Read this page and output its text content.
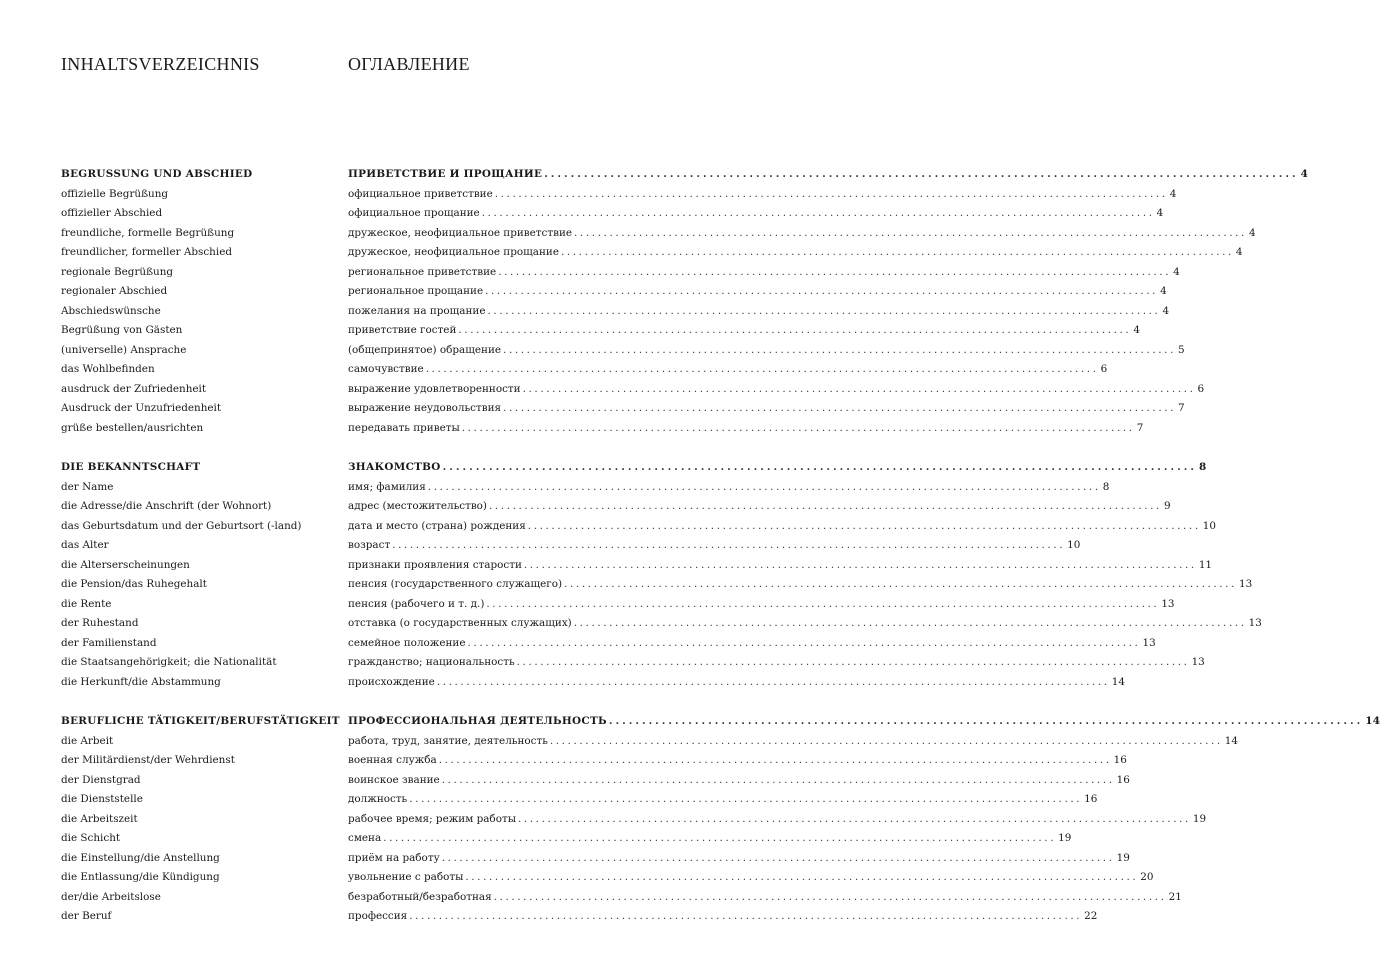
INHALTSVERZEICHNIS	ОГЛАВЛЕНИЕ
BEGRUSSUNG UND ABSCHIED	ПРИВЕТСТВИЕ И ПРОЩАНИЕ .................................................................................................................. 4
offizielle Begrüßung	официальное приветствие .................................................................................................................. 4
offizieller Abschied	официальное прощание .................................................................................................................. 4
freundliche, formelle Begrüßung	дружеское, неофициальное приветствие .................................................................................................................. 4
freundlicher, formeller Abschied	дружеское, неофициальное прощание .................................................................................................................. 4
regionale Begrüßung	региональное приветствие .................................................................................................................. 4
regionaler Abschied	региональное прощание .................................................................................................................. 4
Abschiedswünsche	пожелания на прощание .................................................................................................................. 4
Begrüßung von Gästen	приветствие гостей .................................................................................................................. 4
(universelle) Ansprache	(общепринятое) обращение .................................................................................................................. 5
das Wohlbefinden	самочувствие .................................................................................................................. 6
ausdruck der Zufriedenheit	выражение удовлетворенности .................................................................................................................. 6
Ausdruck der Unzufriedenheit	выражение неудовольствия .................................................................................................................. 7
grüße bestellen/ausrichten	передавать приветы .................................................................................................................. 7
DIE BEKANNTSCHAFT	ЗНАКОМСТВО .................................................................................................................. 8
der Name	имя; фамилия .................................................................................................................. 8
die Adresse/die Anschrift (der Wohnort)	адрес (местожительство) .................................................................................................................. 9
das Geburtsdatum und der Geburtsort (-land)	дата и место (страна) рождения .................................................................................................................. 10
das Alter	возраст .................................................................................................................. 10
die Alterserscheinungen	признаки проявления старости .................................................................................................................. 11
die Pension/das Ruhegehalt	пенсия (государственного служащего) .................................................................................................................. 13
die Rente	пенсия (рабочего и т. д.) .................................................................................................................. 13
der Ruhestand	отставка (о государственных служащих) .................................................................................................................. 13
der Familienstand	семейное положение .................................................................................................................. 13
die Staatsangehörigkeit; die Nationalität	гражданство; национальность .................................................................................................................. 13
die Herkunft/die Abstammung	происхождение .................................................................................................................. 14
BERUFLICHE TÄTIGKEIT/BERUFSTÄTIGKEIT ПРОФЕССИОНАЛЬНАЯ ДЕЯТЕЛЬНОСТЬ .................................................................................................................. 14
die Arbeit	работа, труд, занятие, деятельность .................................................................................................................. 14
der Militärdienst/der Wehrdienst	военная служба .................................................................................................................. 16
der Dienstgrad	воинское звание .................................................................................................................. 16
die Dienststelle	должность .................................................................................................................. 16
die Arbeitszeit	рабочее время; режим работы .................................................................................................................. 19
die Schicht	смена .................................................................................................................. 19
die Einstellung/die Anstellung	приём на работу .................................................................................................................. 19
die Entlassung/die Kündigung	увольнение с работы .................................................................................................................. 20
der/die Arbeitslose	безработный/безработная .................................................................................................................. 21
der Beruf	профессия .................................................................................................................. 22
